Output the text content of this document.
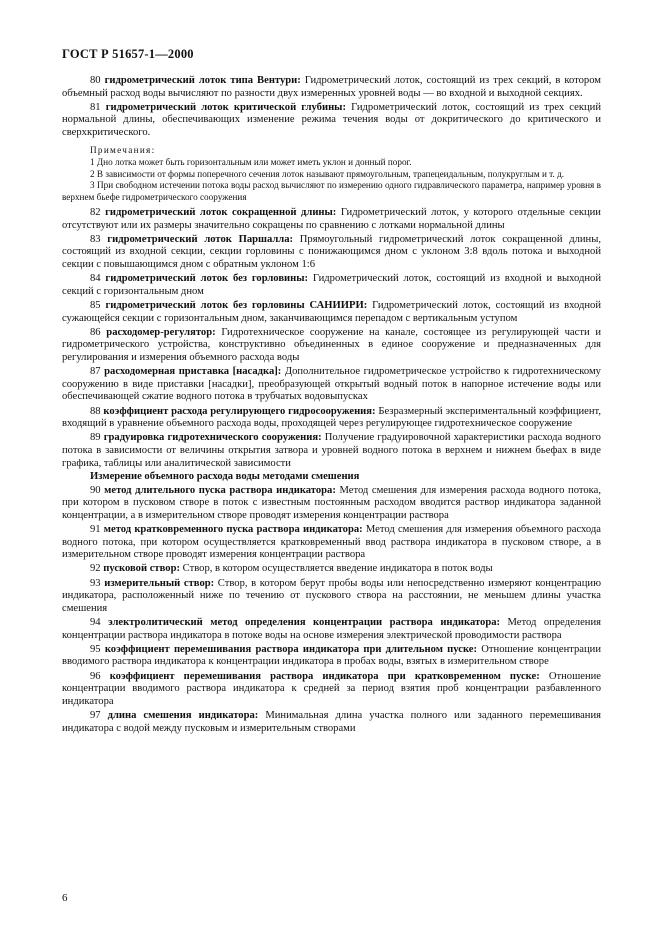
ГОСТ Р 51657-1—2000

80 гидрометрический лоток типа Вентури: Гидрометрический лоток, состоящий из трех секций, в котором объемный расход воды вычисляют по разности двух измеренных уровней воды — во входной и выходной секциях.

81 гидрометрический лоток критической глубины: Гидрометрический лоток, состоящий из трех секций нормальной длины, обеспечивающих изменение режима течения воды от докритического до критического и сверхкритического.

Примечания:

1 Дно лотка может быть горизонтальным или может иметь уклон и донный порог.

2 В зависимости от формы поперечного сечения лоток называют прямоугольным, трапецеидальным, полукруглым и т. д.

3 При свободном истечении потока воды расход вычисляют по измерению одного гидравлического параметра, например уровня в верхнем бьефе гидрометрического сооружения

82 гидрометрический лоток сокращенной длины: Гидрометрический лоток, у которого отдельные секции отсутствуют или их размеры значительно сокращены по сравнению с лотками нормальной длины

83 гидрометрический лоток Паршалла: Прямоугольный гидрометрический лоток сокращенной длины, состоящий из входной секции, секции горловины с понижающимся дном с уклоном 3:8 вдоль потока и выходной секции с повышающимся дном с обратным уклоном 1:6

84 гидрометрический лоток без горловины: Гидрометрический лоток, состоящий из входной и выходной секций с горизонтальным дном

85 гидрометрический лоток без горловины САНИИРИ: Гидрометрический лоток, состоящий из входной сужающейся секции с горизонтальным дном, заканчивающимся перепадом с вертикальным уступом

86 расходомер-регулятор: Гидротехническое сооружение на канале, состоящее из регулирующей части и гидрометрического устройства, конструктивно объединенных в единое сооружение и предназначенных для регулирования и измерения объемного расхода воды

87 расходомерная приставка [насадка]: Дополнительное гидрометрическое устройство к гидротехническому сооружению в виде приставки [насадки], преобразующей открытый водный поток в напорное истечение воды или обеспечивающей сжатие водного потока в трубчатых водовыпусках

88 коэффициент расхода регулирующего гидросооружения: Безразмерный экспериментальный коэффициент, входящий в уравнение объемного расхода воды, проходящей через регулирующее гидротехническое сооружение

89 градуировка гидротехнического сооружения: Получение градуировочной характеристики расхода водного потока в зависимости от величины открытия затвора и уровней водного потока в верхнем и нижнем бьефах в виде графика, таблицы или аналитической зависимости

Измерение объемного расхода воды методами смешения

90 метод длительного пуска раствора индикатора: Метод смешения для измерения расхода водного потока, при котором в пусковом створе в поток с известным постоянным расходом вводится раствор индикатора заданной концентрации, а в измерительном створе проводят измерения концентрации раствора

91 метод кратковременного пуска раствора индикатора: Метод смешения для измерения объемного расхода водного потока, при котором осуществляется кратковременный ввод раствора индикатора в пусковом створе, а в измерительном створе проводят измерения концентрации раствора

92 пусковой створ: Створ, в котором осуществляется введение индикатора в поток воды

93 измерительный створ: Створ, в котором берут пробы воды или непосредственно измеряют концентрацию индикатора, расположенный ниже по течению от пускового створа на расстоянии, не меньшем длины участка смешения

94 электролитический метод определения концентрации раствора индикатора: Метод определения концентрации раствора индикатора в потоке воды на основе измерения электрической проводимости раствора

95 коэффициент перемешивания раствора индикатора при длительном пуске: Отношение концентрации вводимого раствора индикатора к концентрации индикатора в пробах воды, взятых в измерительном створе

96 коэффициент перемешивания раствора индикатора при кратковременном пуске: Отношение концентрации вводимого раствора индикатора к средней за период взятия проб концентрации разбавленного индикатора

97 длина смешения индикатора: Минимальная длина участка полного или заданного перемешивания индикатора с водой между пусковым и измерительным створами

6
